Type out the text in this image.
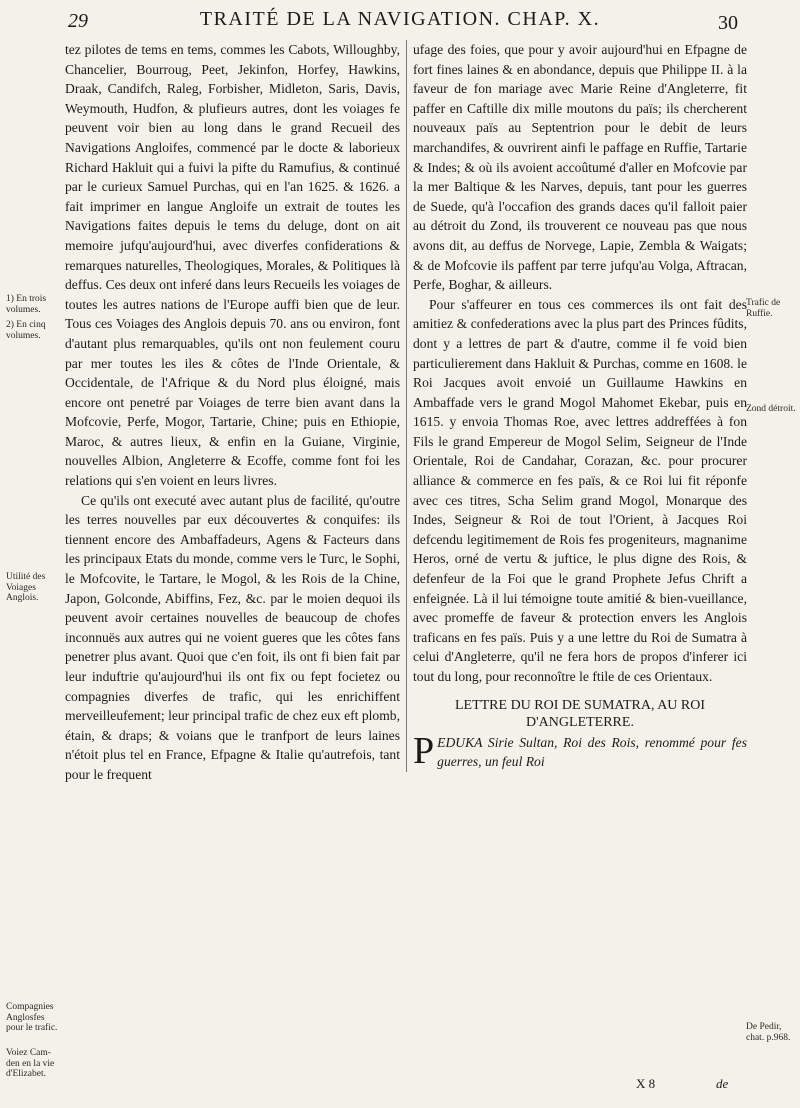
29	TRAITÉ DE LA NAVIGATION. CHAP. X.	30
1) En trois volumes.
2) En cinq volumes.
Utilité des Voiages Anglois.
Compagnies Anglosfes pour le trafic.
Voiez Cam-den en la vie d'Elizabet.
Trafic de Ruffie.
Zond détroit.
De Pedir, chat. p.968.

tez pilotes de tems en tems, commes les Cabots, Willoughby, Chancelier, Bourroug, Peet, Jekinfon, Horfey, Hawkins, Draak, Candifch, Raleg, Forbisher, Midleton, Saris, Davis, Weymouth, Hudfon, & plufieurs autres, dont les voiages fe peuvent voir bien au long dans le grand Recueil des Navigations Angloifes, commencé par le docte & laborieux Richard Hakluit qui a fuivi la pifte du Ramufius, & continué par le curieux Samuel Purchas, qui en l'an 1625. & 1626. a fait imprimer en langue Angloife un extrait de toutes les Navigations faites depuis le tems du deluge, dont on ait memoire jufqu'aujourd'hui, avec diverfes confiderations & remarques naturelles, Theologiques, Morales, & Politiques là deffus. Ces deux ont inferé dans leurs Recueils les voiages de toutes les autres nations de l'Europe auffi bien que de leur. Tous ces Voiages des Anglois depuis 70. ans ou environ, font d'autant plus remarquables, qu'ils ont non feulement couru par mer toutes les iles & côtes de l'Inde Orientale, & Occidentale, de l'Afrique & du Nord plus éloigné, mais encore ont penetré par Voiages de terre bien avant dans la Mofcovie, Perfe, Mogor, Tartarie, Chine; puis en Ethiopie, Maroc, & autres lieux, & enfin en la Guiane, Virginie, nouvelles Albion, Angleterre & Ecoffe, comme font foi les relations qui s'en voient en leurs livres.

Ce qu'ils ont executé avec autant plus de facilité, qu'outre les terres nouvelles par eux découvertes & conquifes: ils tiennent encore des Ambaffadeurs, Agens & Facteurs dans les principaux Etats du monde, comme vers le Turc, le Sophi, le Mofcovite, le Tartare, le Mogol, & les Rois de la Chine, Japon, Golconde, Abiffins, Fez, &c. par le moien dequoi ils peuvent avoir certaines nouvelles de beaucoup de chofes inconnuës aux autres qui ne voient gueres que les côtes fans penetrer plus avant. Quoi que c'en foit, ils ont fi bien fait par leur induftrie qu'aujourd'hui ils ont fix ou fept focietez ou compagnies diverfes de trafic, qui les enrichiffent merveilleufement; leur principal trafic de chez eux eft plomb, étain, & draps; & voians que le tranfport de leurs laines n'étoit plus tel en France, Efpagne & Italie qu'autrefois, tant pour le frequent

ufage des foies, que pour y avoir aujourd'hui en Efpagne de fort fines laines & en abondance, depuis que Philippe II. à la faveur de fon mariage avec Marie Reine d'Angleterre, fit paffer en Caftille dix mille moutons du païs; ils chercherent nouveaux païs au Septentrion pour le debit de leurs marchandifes, & ouvrirent ainfi le paffage en Ruffie, Tartarie & Indes; & où ils avoient accoûtumé d'aller en Mofcovie par la mer Baltique & les Narves, depuis, tant pour les guerres de Suede, qu'à l'occafion des grands daces qu'il falloit paier au détroit du Zond, ils trouverent ce nouveau pas que nous avons dit, au deffus de Norvege, Lapie, Zembla & Waigats; & de Mofcovie ils paffent par terre jufqu'au Volga, Aftracan, Perfe, Boghar, & ailleurs.

Pour s'affeurer en tous ces commerces ils ont fait des amitiez & confederations avec la plus part des Princes fûdits, dont y a lettres de part & d'autre, comme il fe void bien particulierement dans Hakluit & Purchas, comme en 1608. le Roi Jacques avoit envoié un Guillaume Hawkins en Ambaffade vers le grand Mogol Mahomet Ekebar, puis en 1615. y envoia Thomas Roe, avec lettres addreffées à fon Fils le grand Empereur de Mogol Selim, Seigneur de l'Inde Orientale, Roi de Candahar, Corazan, &c. pour procurer alliance & commerce en fes païs, & ce Roi lui fit réponfe avec ces titres, Scha Selim grand Mogol, Monarque des Indes, Seigneur & Roi de tout l'Orient, à Jacques Roi defcendu legitimement de Rois fes progeniteurs, magnanime Heros, orné de vertu & juftice, le plus digne des Rois, & defenfeur de la Foi que le grand Prophete Jefus Chrift a enfeignée. Là il lui témoigne toute amitié & bien-vueillance, avec promeffe de faveur & protection envers les Anglois traficans en fes païs. Puis y a une lettre du Roi de Sumatra à celui d'Angleterre, qu'il ne fera hors de propos d'inferer ici tout du long, pour reconnoître le ftile de ces Orientaux.

LETTRE DU ROI DE SUMATRA, AU ROI D'ANGLETERRE.

PEDUKA Sirie Sultan, Roi des Rois, renommé pour fes guerres, un feul Roi

X 8	de
